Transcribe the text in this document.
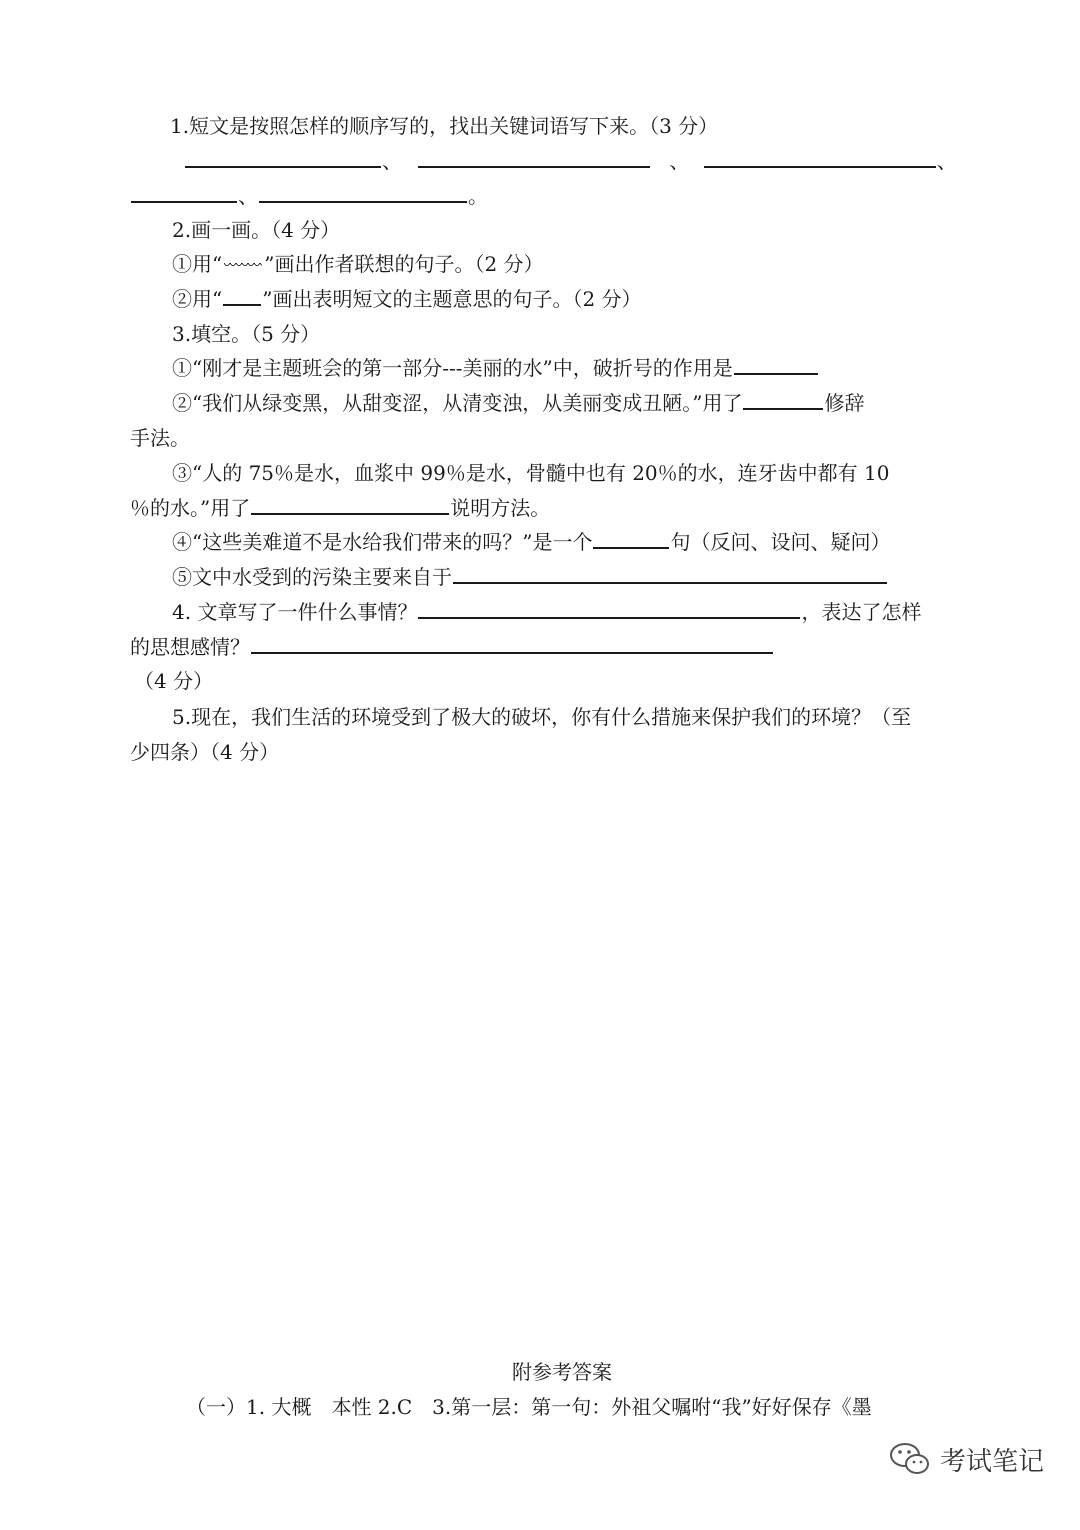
1.短文是按照怎样的顺序写的，找出关键词语写下来。（3 分）
、	、	、
、	。
2.画一画。（4 分）
①用“ ”画出作者联想的句子。（2 分）
②用“ ”画出表明短文的主题意思的句子。（2 分）
3.填空。（5 分）
①“刚才是主题班会的第一部分---美丽的水”中，破折号的作用是
②“我们从绿变黑，从甜变涩，从清变浊，从美丽变成丑陋。”用了	修辞
手法。
③“人的 75％是水，血浆中 99％是水，骨髓中也有 20％的水，连牙齿中都有 10
％的水。”用了	说明方法。
④“这些美难道不是水给我们带来的吗？”是一个	句（反问、设问、疑问）
⑤文中水受到的污染主要来自于
4. 文章写了一件什么事情？	，表达了怎样
的思想感情？
（4 分）
5.现在，我们生活的环境受到了极大的破坏，你有什么措施来保护我们的环境？（至
少四条）（4 分）
附参考答案
（一）1. 大概　本性 2.C　3.第一层：第一句：外祖父嘱咐“我”好好保存《墨
考试笔记
